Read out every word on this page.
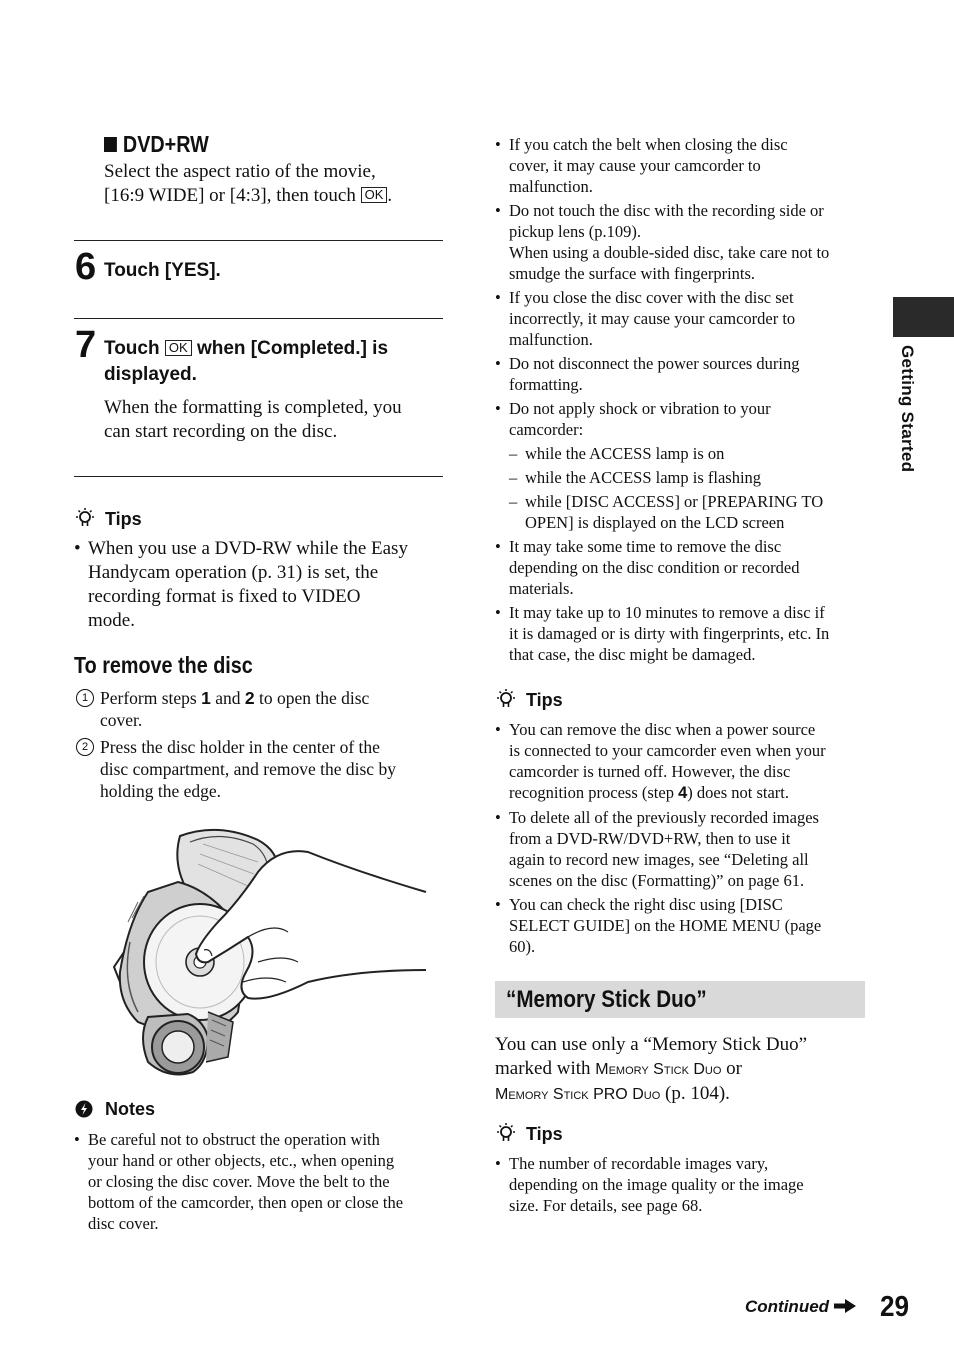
DVD+RW
Select the aspect ratio of the movie,
[16:9 WIDE] or [4:3], then touch OK .
6 Touch [YES].
7 Touch OK when [Completed.] is
displayed.
When the formatting is completed, you
can start recording on the disc.
Tips
• When you use a DVD-RW while the Easy
Handycam operation (p. 31) is set, the
recording format is fixed to VIDEO
mode.
To remove the disc
1 Perform steps 1 and 2 to open the disc
cover.
2 Press the disc holder in the center of the
disc compartment, and remove the disc by
holding the edge.
Notes
• Be careful not to obstruct the operation with
your hand or other objects, etc., when opening
or closing the disc cover. Move the belt to the
bottom of the camcorder, then open or close the
disc cover.
• If you catch the belt when closing the disc
cover, it may cause your camcorder to
malfunction.
• Do not touch the disc with the recording side or
pickup lens (p.109).
When using a double-sided disc, take care not to
smudge the surface with fingerprints.
• If you close the disc cover with the disc set
incorrectly, it may cause your camcorder to
malfunction.
• Do not disconnect the power sources during
formatting.
• Do not apply shock or vibration to your
camcorder:
– while the ACCESS lamp is on
– while the ACCESS lamp is flashing
– while [DISC ACCESS] or [PREPARING TO
OPEN] is displayed on the LCD screen
• It may take some time to remove the disc
depending on the disc condition or recorded
materials.
• It may take up to 10 minutes to remove a disc if
it is damaged or is dirty with fingerprints, etc. In
that case, the disc might be damaged.
Tips
• You can remove the disc when a power source
is connected to your camcorder even when your
camcorder is turned off. However, the disc
recognition process (step 4) does not start.
• To delete all of the previously recorded images
from a DVD-RW/DVD+RW, then to use it
again to record new images, see “Deleting all
scenes on the disc (Formatting)” on page 61.
• You can check the right disc using [DISC
SELECT GUIDE] on the HOME MENU (page
60).
“Memory Stick Duo”
You can use only a “Memory Stick Duo”
marked with Memory Stick Duo or
Memory Stick PRO Duo (p. 104).
Tips
• The number of recordable images vary,
depending on the image quality or the image
size. For details, see page 68.
Getting Started
Continued	29
